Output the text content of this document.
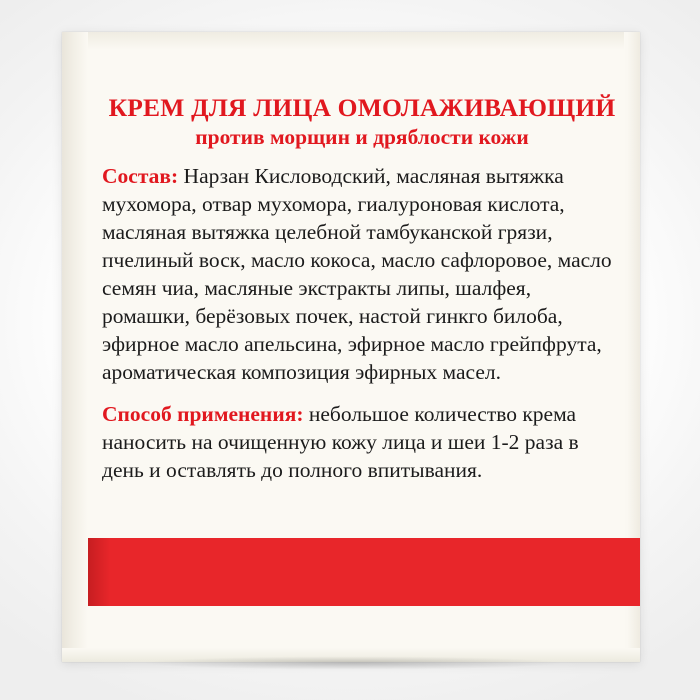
КРЕМ ДЛЯ ЛИЦА ОМОЛАЖИВАЮЩИЙ

против морщин и дряблости кожи

Состав: Нарзан Кисловодский, масляная вытяжка мухомора, отвар мухомора, гиалуроновая кислота, масляная вытяжка целебной тамбуканской грязи, пчелиный воск, масло кокоса, масло сафлоровое, масло семян чиа, масляные экстракты липы, шалфея, ромашки, берёзовых почек, настой гинкго билоба, эфирное масло апельсина, эфирное масло грейпфрута, ароматическая композиция эфирных масел.

Способ применения: небольшое количество крема наносить на очищенную кожу лица и шеи 1-2 раза в день и оставлять до полного впитывания.
